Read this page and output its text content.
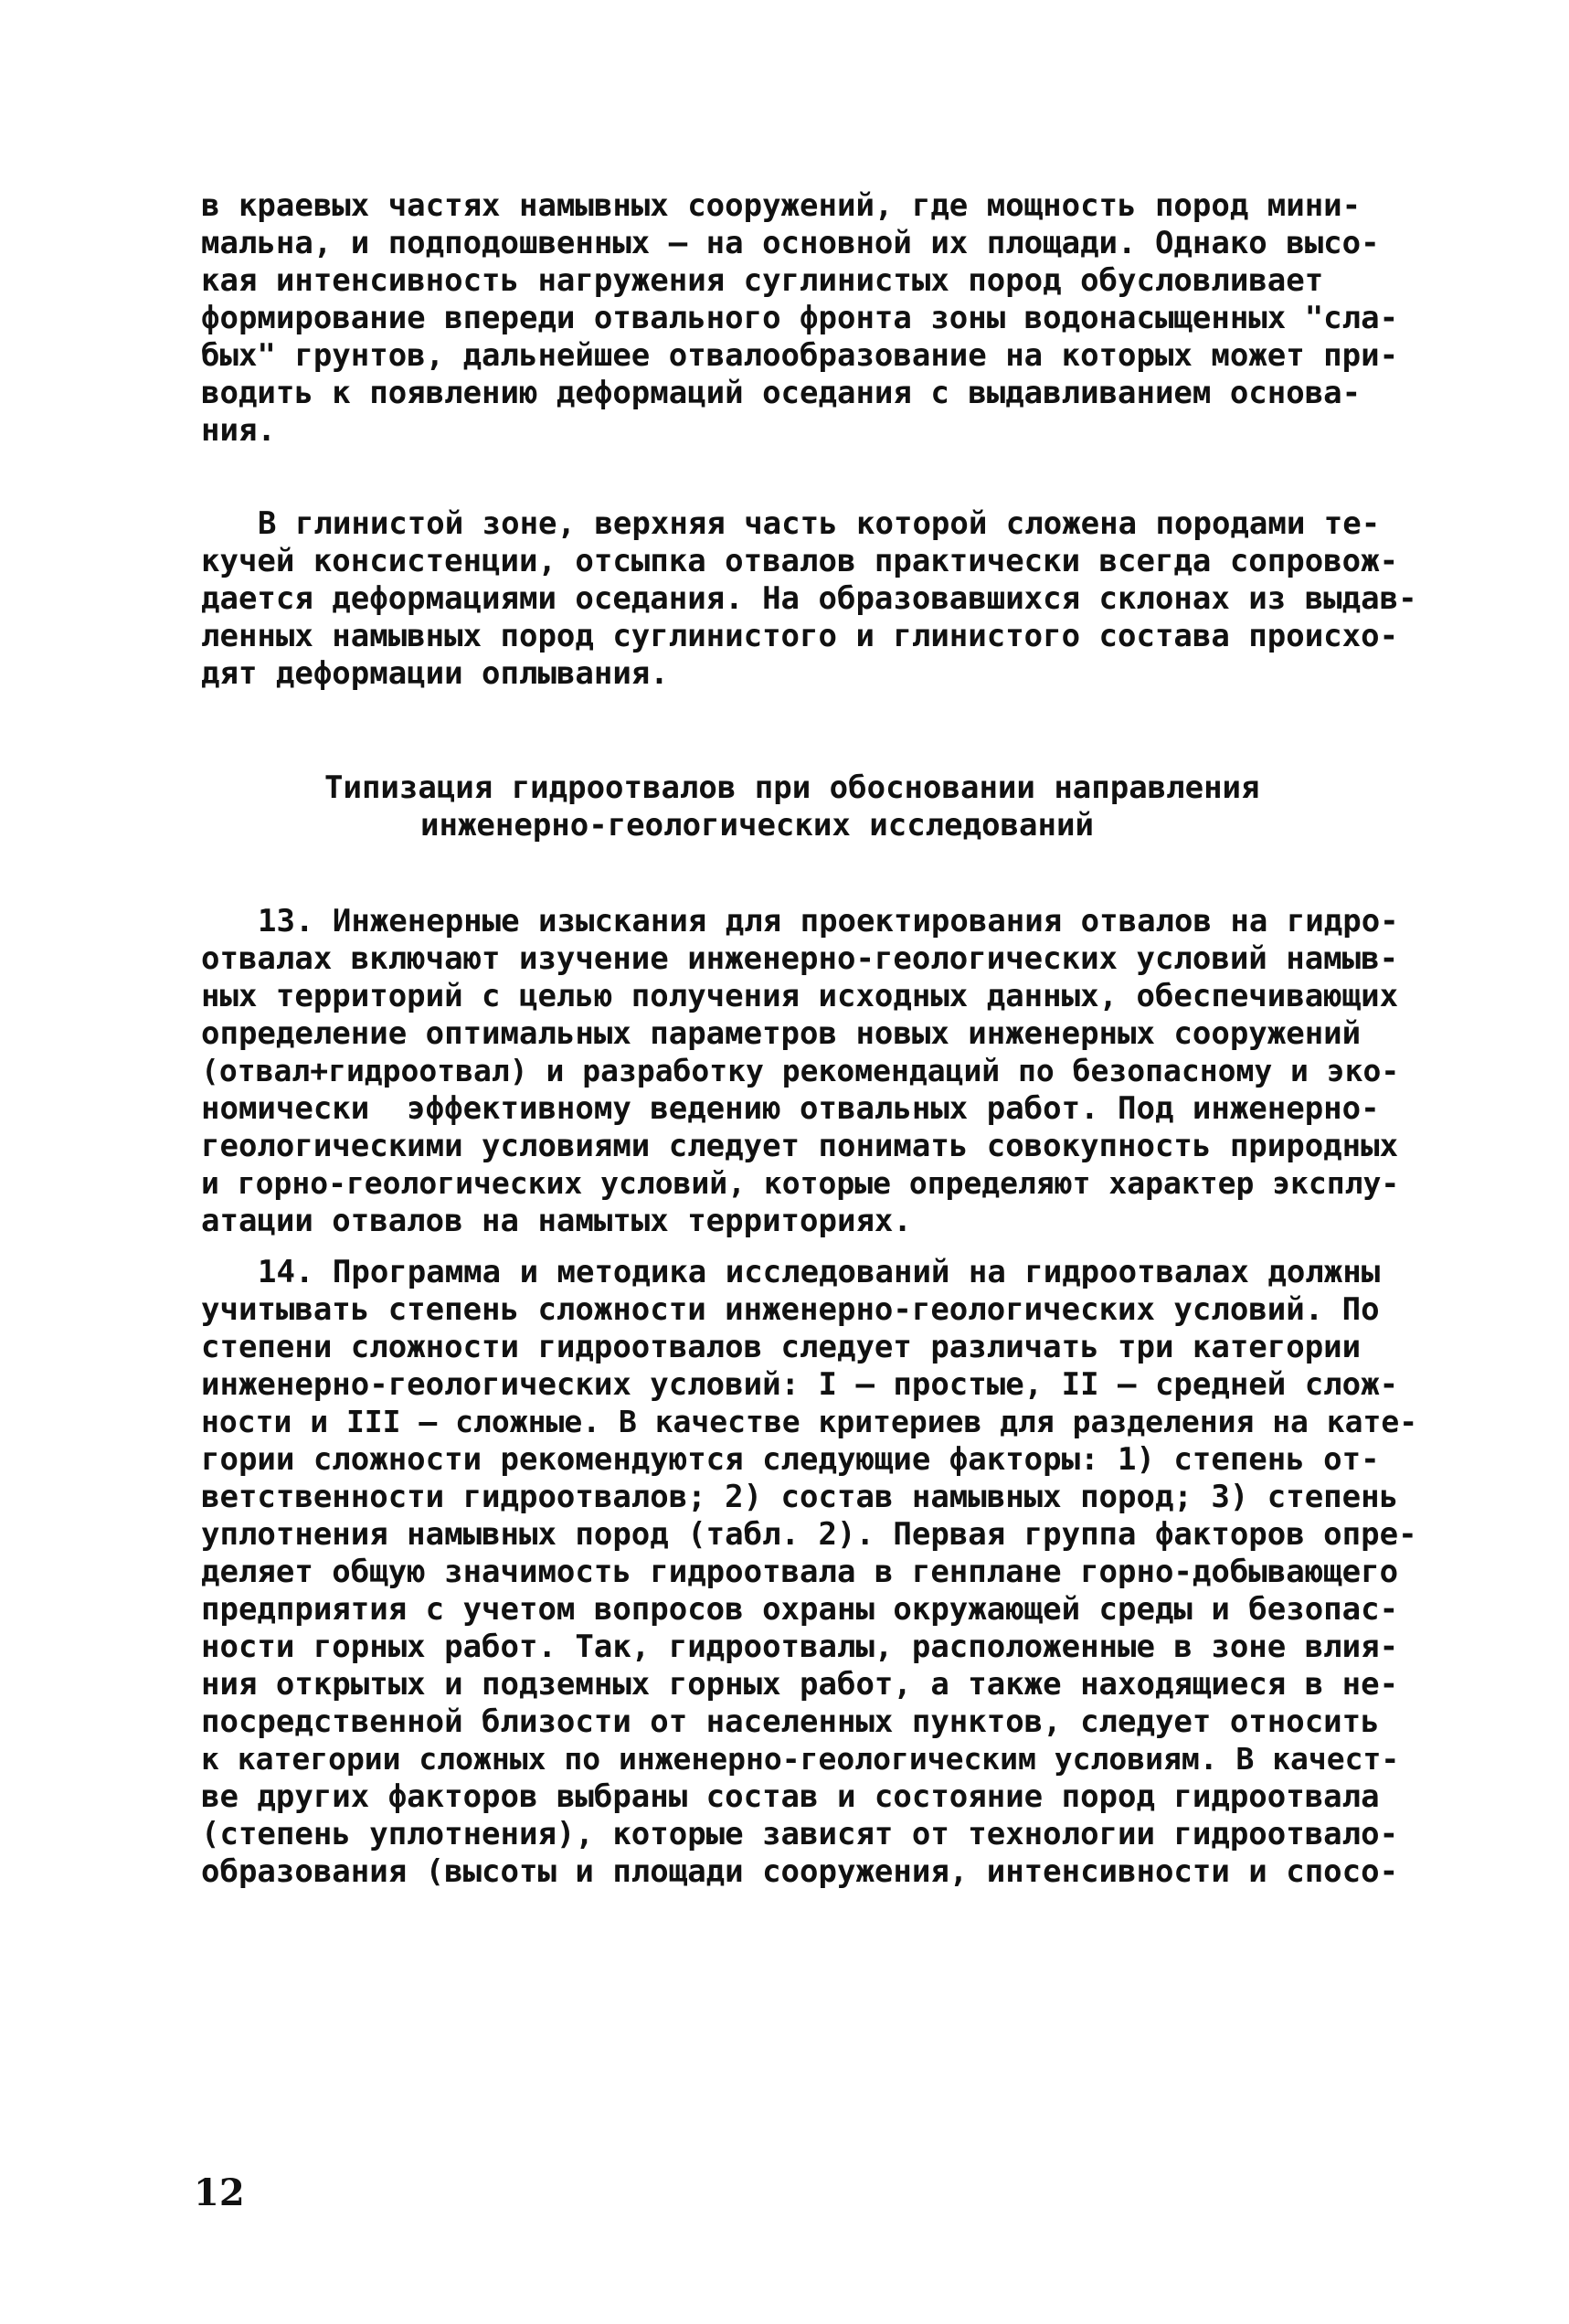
в краевых частях намывных сооружений, где мощность пород мини-
мальна, и подподошвенных – на основной их площади. Однако высо-
кая интенсивность нагружения суглинистых пород обусловливает
формирование впереди отвального фронта зоны водонасыщенных "сла-
бых" грунтов, дальнейшее отвалообразование на которых может при-
водить к появлению деформаций оседания с выдавливанием основа-
ния.
В глинистой зоне, верхняя часть которой сложена породами те-
кучей консистенции, отсыпка отвалов практически всегда сопровож-
дается деформациями оседания. На образовавшихся склонах из выдав-
ленных намывных пород суглинистого и глинистого состава происхо-
дят деформации оплывания.
Типизация гидроотвалов при обосновании направления
инженерно-геологических исследований
13. Инженерные изыскания для проектирования отвалов на гидро-
отвалах включают изучение инженерно-геологических условий намыв-
ных территорий с целью получения исходных данных, обеспечивающих
определение оптимальных параметров новых инженерных сооружений
(отвал+гидроотвал) и разработку рекомендаций по безопасному и эко-
номически  эффективному ведению отвальных работ. Под инженерно-
геологическими условиями следует понимать совокупность природных
и горно-геологических условий, которые определяют характер эксплу-
атации отвалов на намытых территориях.
14. Программа и методика исследований на гидроотвалах должны
учитывать степень сложности инженерно-геологических условий. По
степени сложности гидроотвалов следует различать три категории
инженерно-геологических условий: I – простые, II – средней слож-
ности и III – сложные. В качестве критериев для разделения на кате-
гории сложности рекомендуются следующие факторы: 1) степень от-
ветственности гидроотвалов; 2) состав намывных пород; 3) степень
уплотнения намывных пород (табл. 2). Первая группа факторов опре-
деляет общую значимость гидроотвала в генплане горно-добывающего
предприятия с учетом вопросов охраны окружающей среды и безопас-
ности горных работ. Так, гидроотвалы, расположенные в зоне влия-
ния открытых и подземных горных работ, а также находящиеся в не-
посредственной близости от населенных пунктов, следует относить
к категории сложных по инженерно-геологическим условиям. В качест-
ве других факторов выбраны состав и состояние пород гидроотвала
(степень уплотнения), которые зависят от технологии гидроотвало-
образования (высоты и площади сооружения, интенсивности и спосо-
12
